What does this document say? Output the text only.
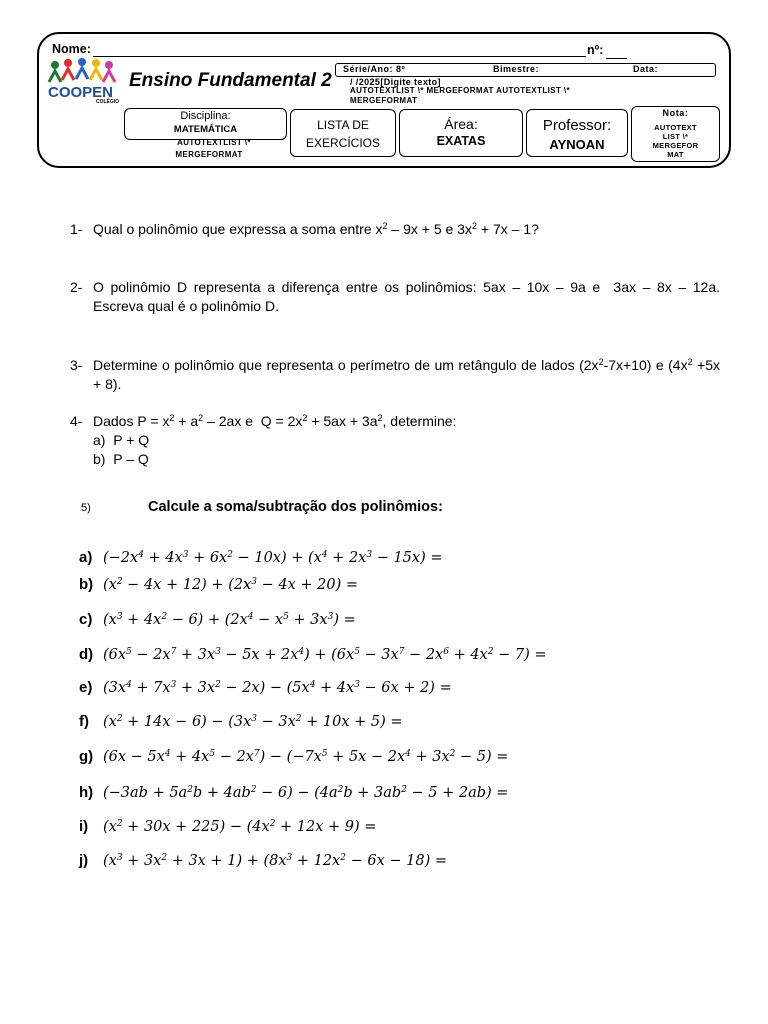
Nome:	nº:
COOPEN
COLÉGIO
Ensino Fundamental 2
Série/Ano: 8º	Bimestre:	Data:
/ /2025[Digite texto]
AUTOTEXTLIST \* MERGEFORMAT AUTOTEXTLIST \*
MERGEFORMAT
Disciplina:
MATEMÁTICA
AUTOTEXTLIST \*
MERGEFORMAT
LISTA DE
EXERCÍCIOS
Área:
EXATAS
Professor:
AYNOAN
Nota:
AUTOTEXT
LIST \*
MERGEFOR
MAT
1- Qual o polinômio que expressa a soma entre $x^2 - 9x + 5$ e $3x^2 + 7x - 1$?
2- O polinômio D representa a diferença entre os polinômios: 5ax – 10x – 9a e  3ax – 8x – 12a. Escreva qual é o polinômio D.
3- Determine o polinômio que representa o perímetro de um retângulo de lados $(2x^2-7x+10)$ e $(4x^2 +5x + 8)$.
4- Dados $P = x^2 + a^2 - 2ax$ e  $Q = 2x^2 + 5ax + 3a^2$, determine:
a)  P + Q
b)  P – Q
5)	Calcule a soma/subtração dos polinômios:
a) $(-2x^4 + 4x^3 + 6x^2 - 10x) + (x^4 + 2x^3 - 15x)$ =
b) $(x^2 - 4x + 12) + (2x^3 - 4x + 20)$ =
c) $(x^3 + 4x^2 - 6) + (2x^4 - x^5 + 3x^3)$ =
d) $(6x^5 - 2x^7 + 3x^3 - 5x + 2x^4) + (6x^5 - 3x^7 - 2x^6 + 4x^2 - 7)$ =
e) $(3x^4 + 7x^3 + 3x^2 - 2x) - (5x^4 + 4x^3 - 6x + 2)$ =
f) $(x^2 + 14x - 6) - (3x^3 - 3x^2 + 10x + 5)$ =
g) $(6x - 5x^4 + 4x^5 - 2x^7) - (-7x^5 + 5x - 2x^4 + 3x^2 - 5)$ =
h) $(-3ab + 5a^2b + 4ab^2 - 6) - (4a^2b + 3ab^2 - 5 + 2ab)$ =
i) $(x^2 + 30x + 225) - (4x^2 + 12x + 9)$ =
j) $(x^3 + 3x^2 + 3x + 1) + (8x^3 + 12x^2 - 6x - 18)$ =
